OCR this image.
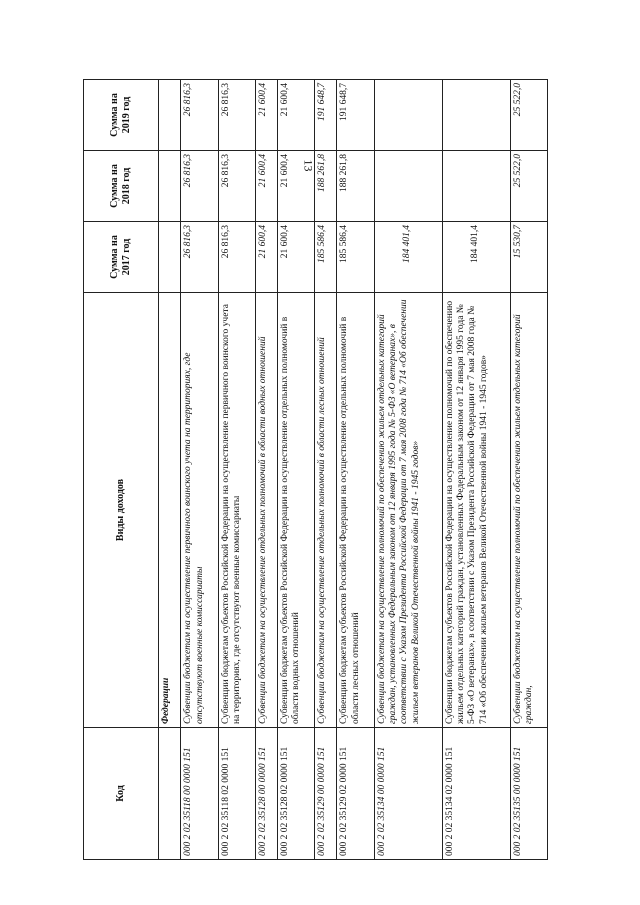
13
Код	Виды доходов	Сумма на 2017 год	Сумма на 2018 год	Сумма на 2019 год
	Федерации			
000 2 02 35118 00 0000 151	Субвенции бюджетам на осуществление первичного воинского учета на территориях, где отсутствуют военные комиссариаты	26 816,3	26 816,3	26 816,3
000 2 02 35118 02 0000 151	Субвенции бюджетам субъектов Российской Федерации на осуществление первичного воинского учета на территориях, где отсутствуют военные комиссариаты	26 816,3	26 816,3	26 816,3
000 2 02 35128 00 0000 151	Субвенции бюджетам на осуществление отдельных полномочий в области водных отношений	21 600,4	21 600,4	21 600,4
000 2 02 35128 02 0000 151	Субвенции бюджетам субъектов Российской Федерации на осуществление отдельных полномочий в области водных отношений	21 600,4	21 600,4	21 600,4
000 2 02 35129 00 0000 151	Субвенции бюджетам на осуществление отдельных полномочий в области лесных отношений	185 586,4	188 261,8	191 648,7
000 2 02 35129 02 0000 151	Субвенции бюджетам субъектов Российской Федерации на осуществление отдельных полномочий в области лесных отношений	185 586,4	188 261,8	191 648,7
000 2 02 35134 00 0000 151	Субвенции бюджетам на осуществление полномочий по обеспечению жильем отдельных категорий граждан, установленных Федеральным законом от 12 января 1995 года № 5-ФЗ «О ветеранах», в соответствии с Указом Президента Российской Федерации от 7 мая 2008 года № 714 «Об обеспечении жильем ветеранов Великой Отечественной войны 1941 - 1945 годов»	184 401,4		
000 2 02 35134 02 0000 151	Субвенции бюджетам субъектов Российской Федерации на осуществление полномочий по обеспечению жильем отдельных категорий граждан, установленных Федеральным законом от 12 января 1995 года № 5-ФЗ «О ветеранах», в соответствии с Указом Президента Российской Федерации от 7 мая 2008 года № 714 «Об обеспечении жильем ветеранов Великой Отечественной войны 1941 - 1945 годов»	184 401,4		
000 2 02 35135 00 0000 151	Субвенции бюджетам на осуществление полномочий по обеспечению жильем отдельных категорий граждан,	15 530,7	25 522,0	25 522,0
